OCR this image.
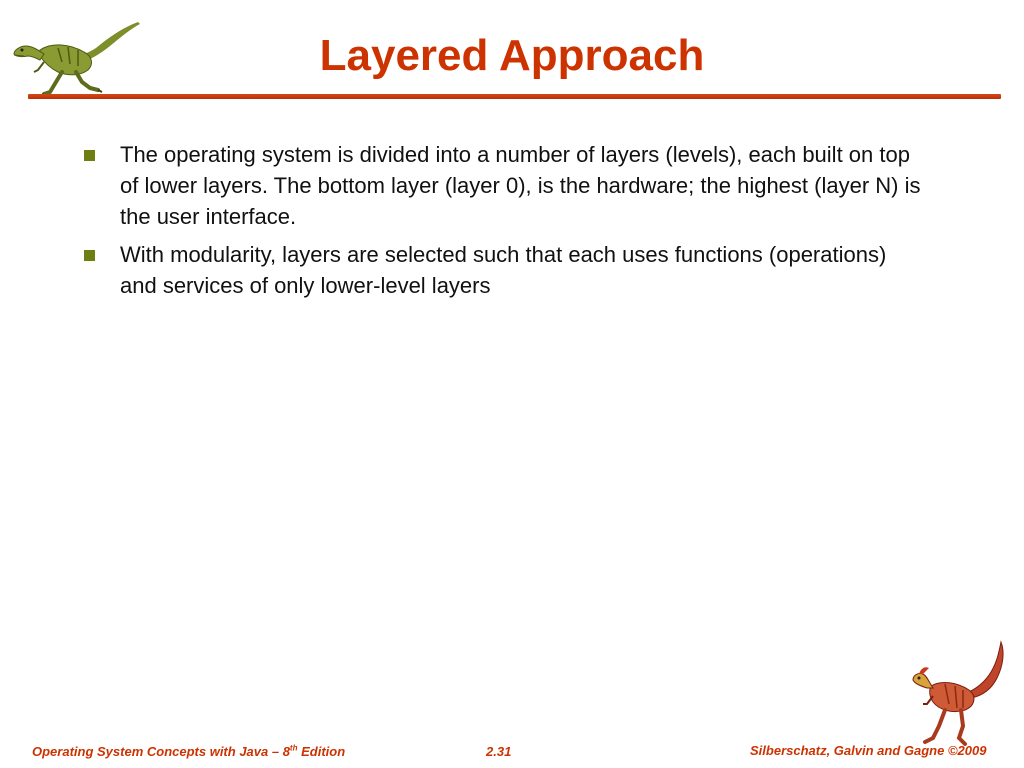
Layered Approach
The operating system is divided into a number of layers (levels), each built on top of lower layers. The bottom layer (layer 0), is the hardware; the highest (layer N) is the user interface.
With modularity, layers are selected such that each uses functions (operations) and services of only lower-level layers
Operating System Concepts with Java – 8th Edition	2.31	Silberschatz, Galvin and Gagne ©2009
